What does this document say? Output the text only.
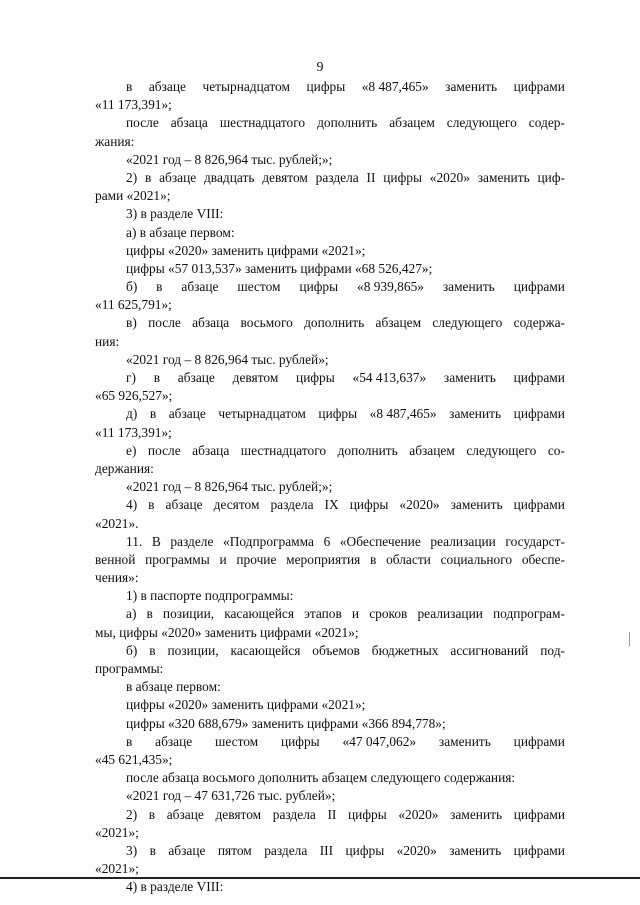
9
в абзаце четырнадцатом цифры «8 487,465» заменить цифрами
«11 173,391»;
после абзаца шестнадцатого дополнить абзацем следующего содер-
жания:
«2021 год – 8 826,964 тыс. рублей;»;
2) в абзаце двадцать девятом раздела II цифры «2020» заменить циф-
рами «2021»;
3) в разделе VIII:
а) в абзаце первом:
цифры «2020» заменить цифрами «2021»;
цифры «57 013,537» заменить цифрами «68 526,427»;
б) в абзаце шестом цифры «8 939,865» заменить цифрами
«11 625,791»;
в) после абзаца восьмого дополнить абзацем следующего содержа-
ния:
«2021 год – 8 826,964 тыс. рублей»;
г) в абзаце девятом цифры «54 413,637» заменить цифрами
«65 926,527»;
д) в абзаце четырнадцатом цифры «8 487,465» заменить цифрами
«11 173,391»;
е) после абзаца шестнадцатого дополнить абзацем следующего со-
держания:
«2021 год – 8 826,964 тыс. рублей;»;
4) в абзаце десятом раздела IX цифры «2020» заменить цифрами
«2021».
11. В разделе «Подпрограмма 6 «Обеспечение реализации государст-
венной программы и прочие мероприятия в области социального обеспе-
чения»:
1) в паспорте подпрограммы:
а) в позиции, касающейся этапов и сроков реализации подпрограм-
мы, цифры «2020» заменить цифрами «2021»;
б) в позиции, касающейся объемов бюджетных ассигнований под-
программы:
в абзаце первом:
цифры «2020» заменить цифрами «2021»;
цифры «320 688,679» заменить цифрами «366 894,778»;
в абзаце шестом цифры «47 047,062» заменить цифрами
«45 621,435»;
после абзаца восьмого дополнить абзацем следующего содержания:
«2021 год – 47 631,726 тыс. рублей»;
2) в абзаце девятом раздела II цифры «2020» заменить цифрами
«2021»;
3) в абзаце пятом раздела III цифры «2020» заменить цифрами
«2021»;
4) в разделе VIII:
